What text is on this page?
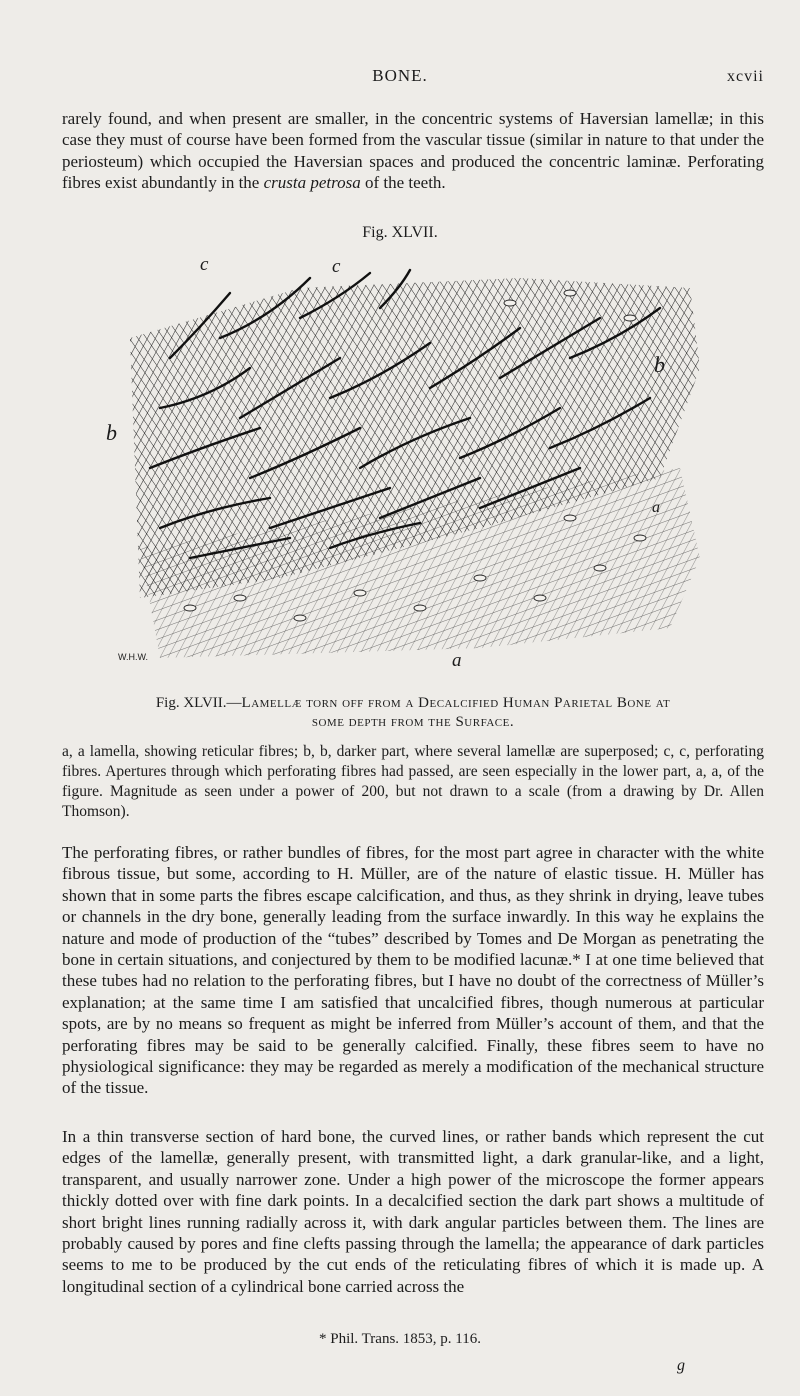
BONE.	xcvii
rarely found, and when present are smaller, in the concentric systems of Haversian lamellæ; in this case they must of course have been formed from the vascular tissue (similar in nature to that under the periosteum) which occupied the Haversian spaces and produced the concentric laminæ. Perforating fibres exist abundantly in the crusta petrosa of the teeth.
Fig. XLVII.
c	c
b
b
a
a
W.H.W.
Fig. XLVII.—Lamellæ torn off from a Decalcified Human Parietal Bone at
some depth from the Surface.
a, a lamella, showing reticular fibres; b, b, darker part, where several lamellæ are superposed; c, c, perforating fibres. Apertures through which perforating fibres had passed, are seen especially in the lower part, a, a, of the figure. Magnitude as seen under a power of 200, but not drawn to a scale (from a drawing by Dr. Allen Thomson).
The perforating fibres, or rather bundles of fibres, for the most part agree in character with the white fibrous tissue, but some, according to H. Müller, are of the nature of elastic tissue. H. Müller has shown that in some parts the fibres escape calcification, and thus, as they shrink in drying, leave tubes or channels in the dry bone, generally leading from the surface inwardly. In this way he explains the nature and mode of production of the “tubes” described by Tomes and De Morgan as penetrating the bone in certain situations, and conjectured by them to be modified lacunæ.* I at one time believed that these tubes had no relation to the perforating fibres, but I have no doubt of the correctness of Müller’s explanation; at the same time I am satisfied that uncalcified fibres, though numerous at particular spots, are by no means so frequent as might be inferred from Müller’s account of them, and that the perforating fibres may be said to be generally calcified. Finally, these fibres seem to have no physiological significance: they may be regarded as merely a modification of the mechanical structure of the tissue.
In a thin transverse section of hard bone, the curved lines, or rather bands which represent the cut edges of the lamellæ, generally present, with transmitted light, a dark granular-like, and a light, transparent, and usually narrower zone. Under a high power of the microscope the former appears thickly dotted over with fine dark points. In a decalcified section the dark part shows a multitude of short bright lines running radially across it, with dark angular particles between them. The lines are probably caused by pores and fine clefts passing through the lamella; the appearance of dark particles seems to me to be produced by the cut ends of the reticulating fibres of which it is made up. A longitudinal section of a cylindrical bone carried across the
* Phil. Trans. 1853, p. 116.
g
